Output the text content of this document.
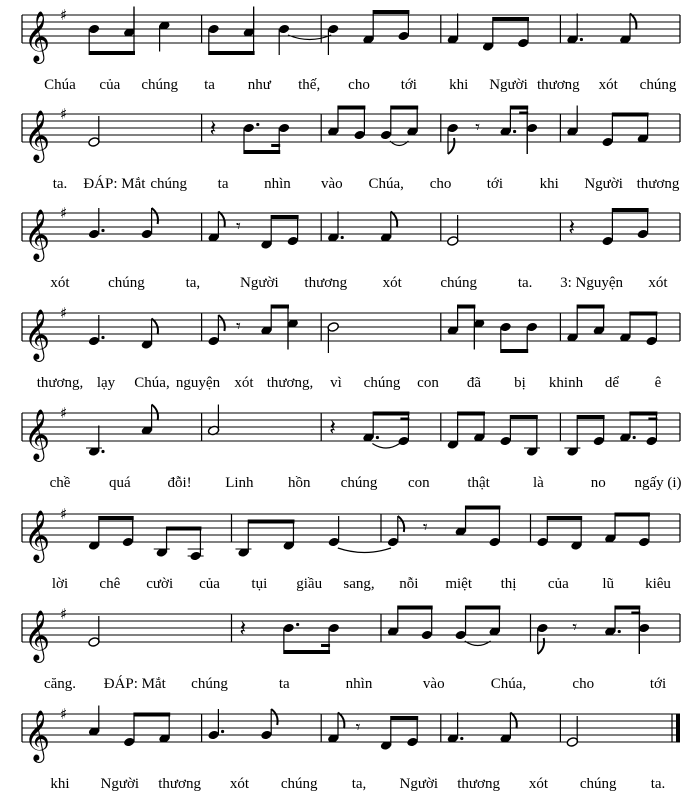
𝄞 ♯
Chúa của chúng ta như thế, cho tới khi Người thương xót chúng
𝄞 ♯
𝄽	𝄾
ta. ĐÁP: Mắt chúng ta nhìn vào Chúa, cho tới khi Người thương
𝄞 ♯
𝄾	𝄽
xót	chúng	ta,	Người thương xót	chúng	ta. 3: Nguyện xót
𝄞 ♯
𝄾
thương, lạy Chúa, nguyện xót thương, vì chúng con đã bị khinh dể ê
𝄞 ♯
𝄽
chề	quá đỗi! Linh hồn chúng con	thật	là	no ngấy (i)
𝄞 ♯
𝄾
lời chê cười của tụi giầu sang, nỗi miệt thị của lũ kiêu
𝄞 ♯
𝄽	𝄾
căng. ĐÁP: Mắt chúng	ta	nhìn	vào	Chúa,	cho	tới
𝄞 ♯
𝄾
khi Người thương xót chúng ta, Người thương xót chúng ta.
